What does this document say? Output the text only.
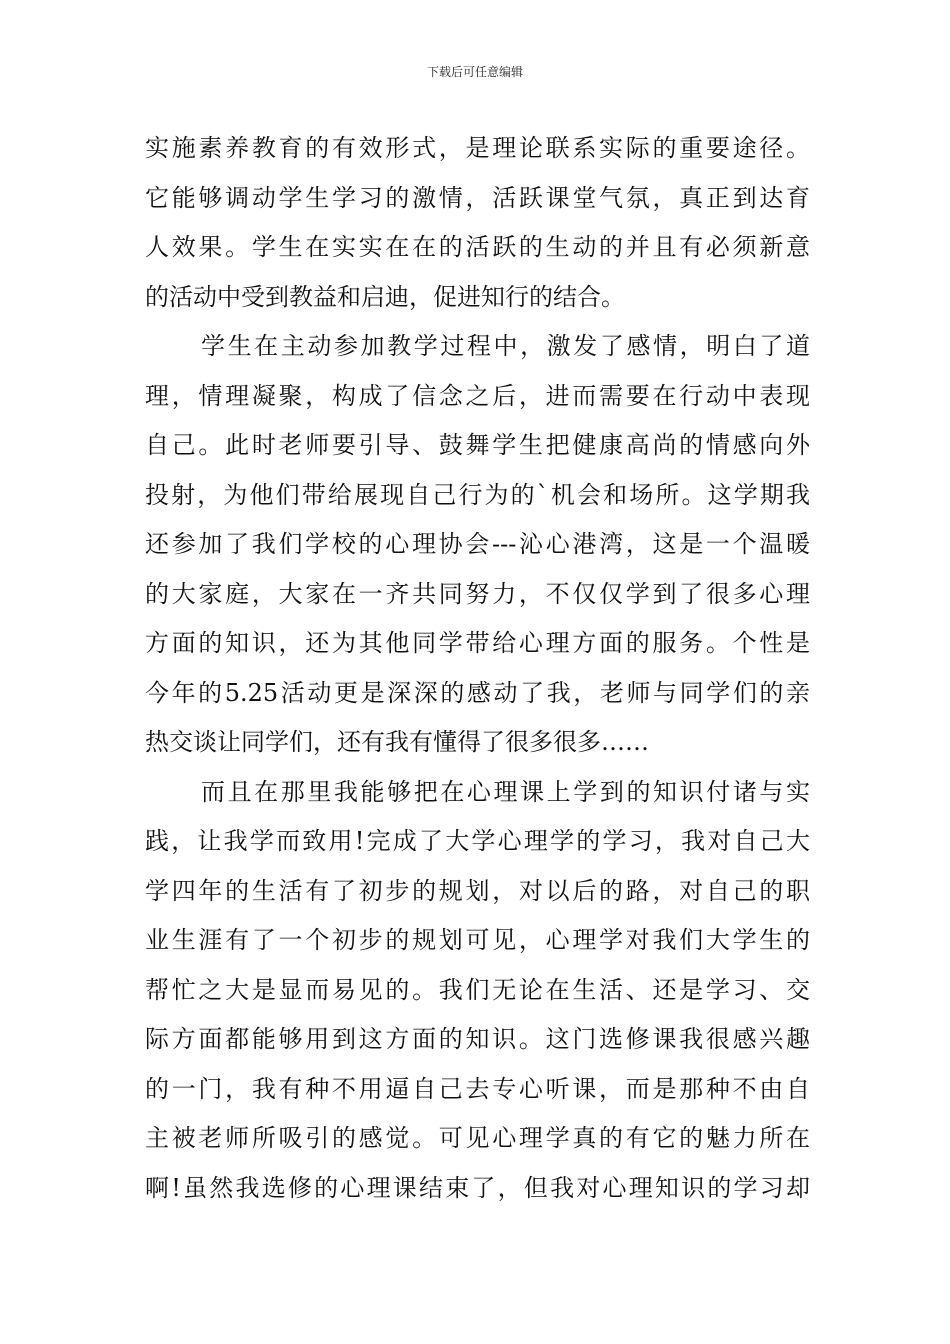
下载后可任意编辑
实施素养教育的有效形式，是理论联系实际的重要途径。
它能够调动学生学习的激情，活跃课堂气氛，真正到达育
人效果。学生在实实在在的活跃的生动的并且有必须新意
的活动中受到教益和启迪，促进知行的结合。
学生在主动参加教学过程中，激发了感情，明白了道
理，情理凝聚，构成了信念之后，进而需要在行动中表现
自己。此时老师要引导、鼓舞学生把健康高尚的情感向外
投射，为他们带给展现自己行为的`机会和场所。这学期我
还参加了我们学校的心理协会---沁心港湾，这是一个温暖
的大家庭，大家在一齐共同努力，不仅仅学到了很多心理
方面的知识，还为其他同学带给心理方面的服务。个性是
今年的5.25活动更是深深的感动了我，老师与同学们的亲
热交谈让同学们，还有我有懂得了很多很多……
而且在那里我能够把在心理课上学到的知识付诸与实
践，让我学而致用!完成了大学心理学的学习，我对自己大
学四年的生活有了初步的规划，对以后的路，对自己的职
业生涯有了一个初步的规划可见，心理学对我们大学生的
帮忙之大是显而易见的。我们无论在生活、还是学习、交
际方面都能够用到这方面的知识。这门选修课我很感兴趣
的一门，我有种不用逼自己去专心听课，而是那种不由自
主被老师所吸引的感觉。可见心理学真的有它的魅力所在
啊!虽然我选修的心理课结束了，但我对心理知识的学习却
